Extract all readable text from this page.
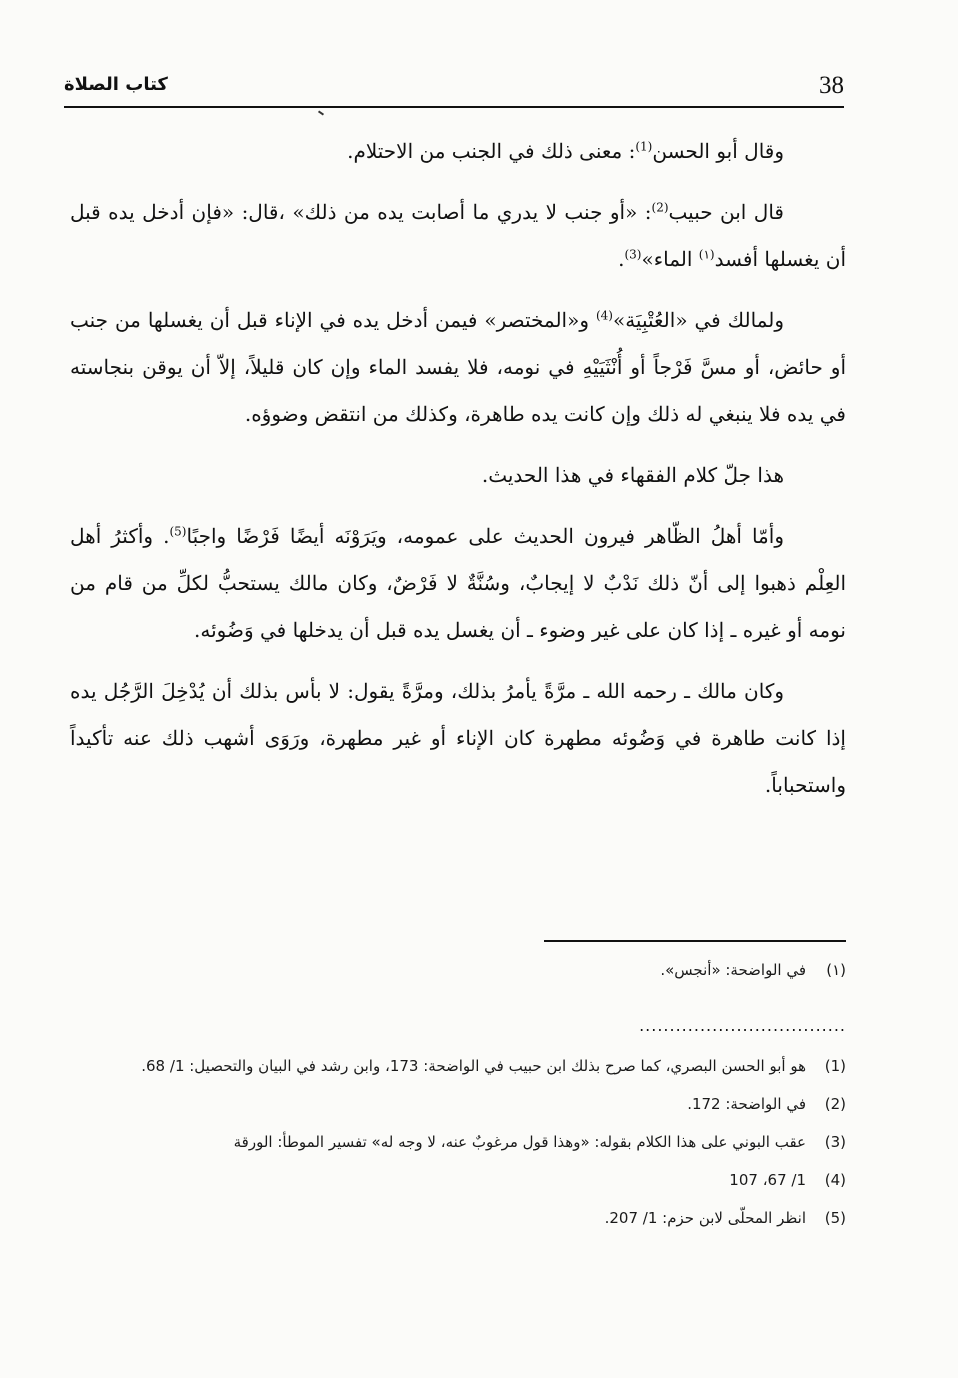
38
كتاب الصلاة

وقال أبو الحسن$^{(1)}$: معنى ذلك في الجنب من الاحتلام.

قال ابن حبيب$^{(2)}$: «أو جنب لا يدري ما أصابت يده من ذلك» ،قال: «فإن أدخل يده قبل أن يغسلها أفسد$^{(١)}$ الماء»$^{(3)}$.

ولمالك في «العُتْبِيَة»$^{(4)}$ و«المختصر» فيمن أدخل يده في الإناء قبل أن يغسلها من جنب أو حائض، أو مسَّ فَرْجاً أو أُنْثَيَيْهِ في نومه، فلا يفسد الماء وإن كان قليلاً، إلاّ أن يوقن بنجاسته في يده فلا ينبغي له ذلك وإن كانت يده طاهرة، وكذلك من انتقض وضوؤه.

هذا جلّ كلام الفقهاء في هذا الحديث.

وأمّا أهلُ الظّاهر فيرون الحديث على عمومه، ويَرَوْنَه أيضًا فَرْضًا واجبًا$^{(5)}$. وأكثرُ أهل العِلْم ذهبوا إلى أنّ ذلك نَدْبٌ لا إيجابٌ، وسُنَّةٌ لا فَرْضٌ، وكان مالك يستحبُّ لكلِّ من قام من نومه أو غيره ـ إذا كان على غير وضوء ـ أن يغسل يده قبل أن يدخلها في وَضُوئه.

وكان مالك ـ رحمه الله ـ مرَّةً يأمرُ بذلك، ومرَّةً يقول: لا بأس بذلك أن يُدْخِلَ الرَّجُل يده إذا كانت طاهرة في وَضُوئه مطهرة كان الإناء أو غير مطهرة، ورَوَى أشهب ذلك عنه تأكيداً واستحباباً.

(١)
في الواضحة: «أنجس».
..................................
(1)
هو أبو الحسن البصري، كما صرح بذلك ابن حبيب في الواضحة: 173، وابن رشد في البيان والتحصيل: 1/ 68.
(2)
في الواضحة: 172.
(3)
عقب البوني على هذا الكلام بقوله: «وهذا قول مرغوبٌ عنه، لا وجه له» تفسير الموطأ: الورقة
(4)
1/ 67، 107
(5)
انظر المحلّى لابن حزم: 1/ 207.
